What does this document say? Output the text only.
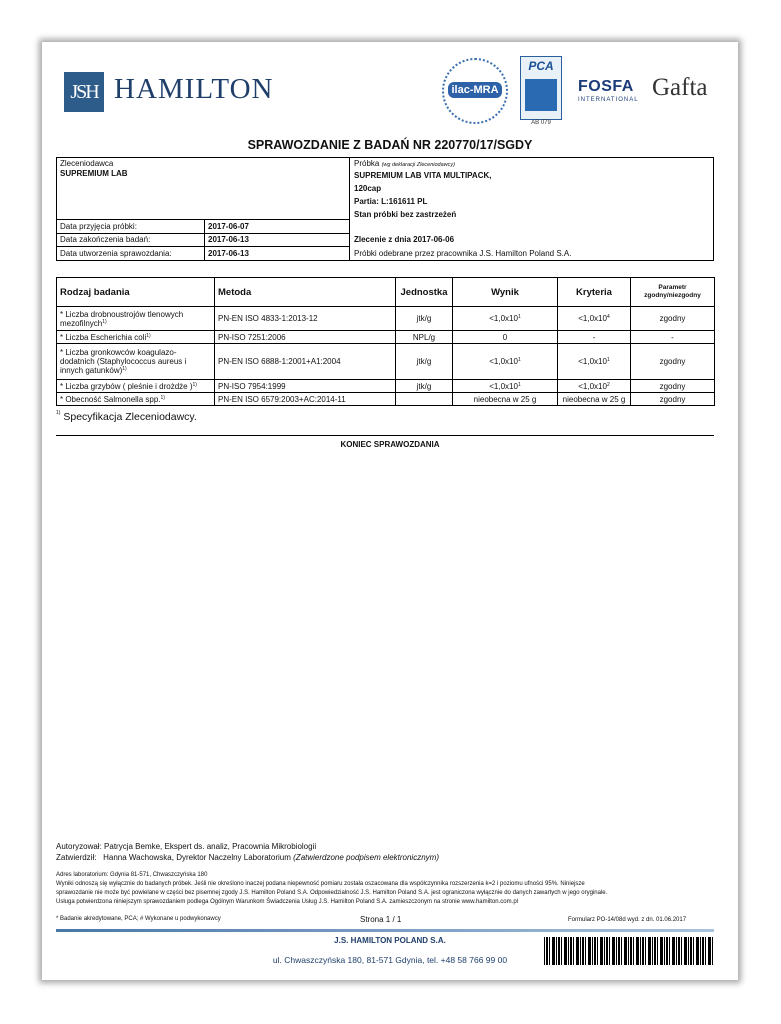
JSH HAMILTON	ilac-MRA
PCA
AB 079
FOSFA
INTERNATIONAL Gafta
SPRAWOZDANIE Z BADAŃ NR 220770/17/SGDY
Zleceniodawca
SUPREMIUM LAB
Data przyjęcia próbki:	2017-06-07
Data zakończenia badań:	2017-06-13
Data utworzenia sprawozdania:	2017-06-13
Próbka (wg deklaracji Zleceniodawcy)
SUPREMIUM LAB VITA MULTIPACK,
120cap
Partia: L:161611 PL
Stan próbki bez zastrzeżeń
Zlecenie z dnia 2017-06-06
Próbki odebrane przez pracownika J.S. Hamilton Poland S.A.
Rodzaj badania	Metoda	Jednostka	Wynik	Kryteria	Parametr
zgodny/niezgodny
* Liczba drobnoustrojów tlenowych mezofilnych$^{1)}$	PN-EN ISO 4833-1:2013-12	jtk/g	$<1,0x10^1$	$<1,0x10^4$	zgodny
* Liczba Escherichia coli$^{1)}$	PN-ISO 7251:2006	NPL/g	0	-	-
* Liczba gronkowców koagulazo-dodatnich (Staphylococcus aureus i innych gatunków)$^{1)}$	PN-EN ISO 6888-1:2001+A1:2004	jtk/g	$<1,0x10^1$	$<1,0x10^1$	zgodny
* Liczba grzybów ( pleśnie i drożdże )$^{1)}$	PN-ISO 7954:1999	jtk/g	$<1,0x10^1$	$<1,0x10^2$	zgodny
* Obecność Salmonella spp.$^{1)}$	PN-EN ISO 6579:2003+AC:2014-11		nieobecna w 25 g	nieobecna w 25 g	zgodny
$^{1)}$ Specyfikacja Zleceniodawcy.
KONIEC SPRAWOZDANIA
Autoryzował: Patrycja Bemke, Ekspert ds. analiz, Pracownia Mikrobiologii
Zatwierdził: Hanna Wachowska, Dyrektor Naczelny Laboratorium (Zatwierdzone podpisem elektronicznym)
Adres laboratorium: Gdynia 81-571, Chwaszczyńska 180
Wyniki odnoszą się wyłącznie do badanych próbek. Jeśli nie określono inaczej podana niepewność pomiaru została oszacowana dla współczynnika rozszerzenia k=2 i poziomu ufności 95%. Niniejsze
sprawozdanie nie może być powielane w części bez pisemnej zgody J.S. Hamilton Poland S.A. Odpowiedzialność J.S. Hamilton Poland S.A. jest ograniczona wyłącznie do danych zawartych w jego oryginale.
Usługa potwierdzona niniejszym sprawozdaniem podlega Ogólnym Warunkom Świadczenia Usług J.S. Hamilton Poland S.A. zamieszczonym na stronie www.hamilton.com.pl
* Badanie akredytowane, PCA; # Wykonane u podwykonawcy	Strona 1 / 1	Formularz PO-14/08d wyd. z dn. 01.06.2017
J.S. HAMILTON POLAND S.A.
ul. Chwaszczyńska 180, 81-571 Gdynia, tel. +48 58 766 99 00
